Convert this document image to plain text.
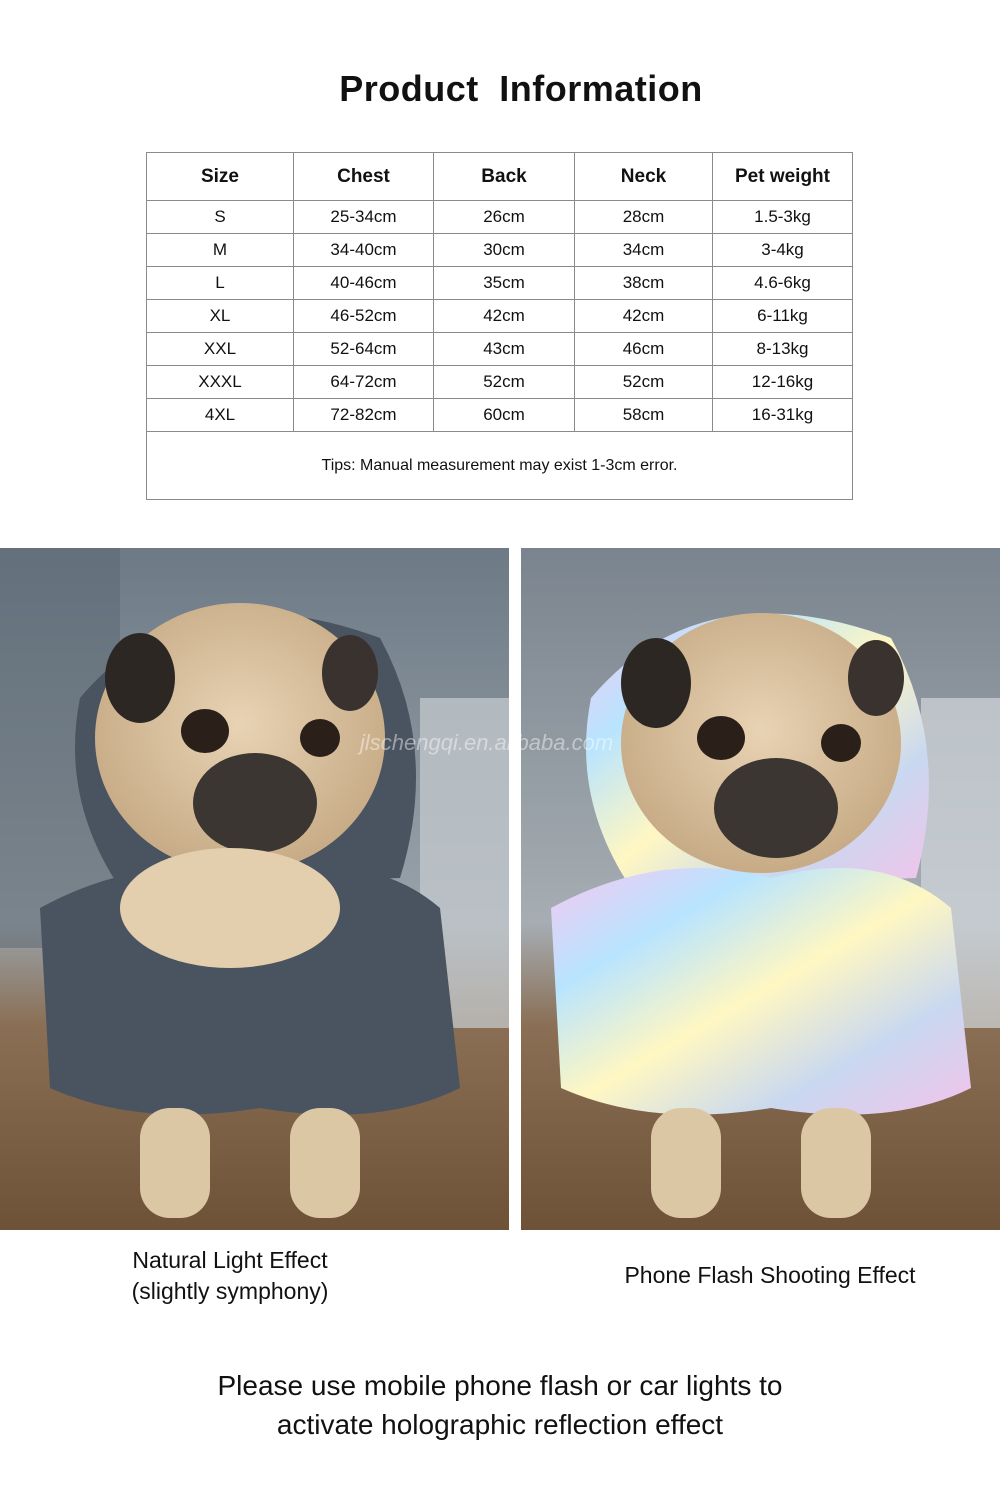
Product Information
Size	Chest	Back	Neck	Pet weight
S	25-34cm	26cm	28cm	1.5-3kg
M	34-40cm	30cm	34cm	3-4kg
L	40-46cm	35cm	38cm	4.6-6kg
XL	46-52cm	42cm	42cm	6-11kg
XXL	52-64cm	43cm	46cm	8-13kg
XXXL	64-72cm	52cm	52cm	12-16kg
4XL	72-82cm	60cm	58cm	16-31kg
Tips: Manual measurement may exist 1-3cm error.				
jlschengqi.en.alibaba.com
Natural Light Effect
(slightly symphony)
Phone Flash Shooting Effect
Please use mobile phone flash or car lights to
activate holographic reflection effect
